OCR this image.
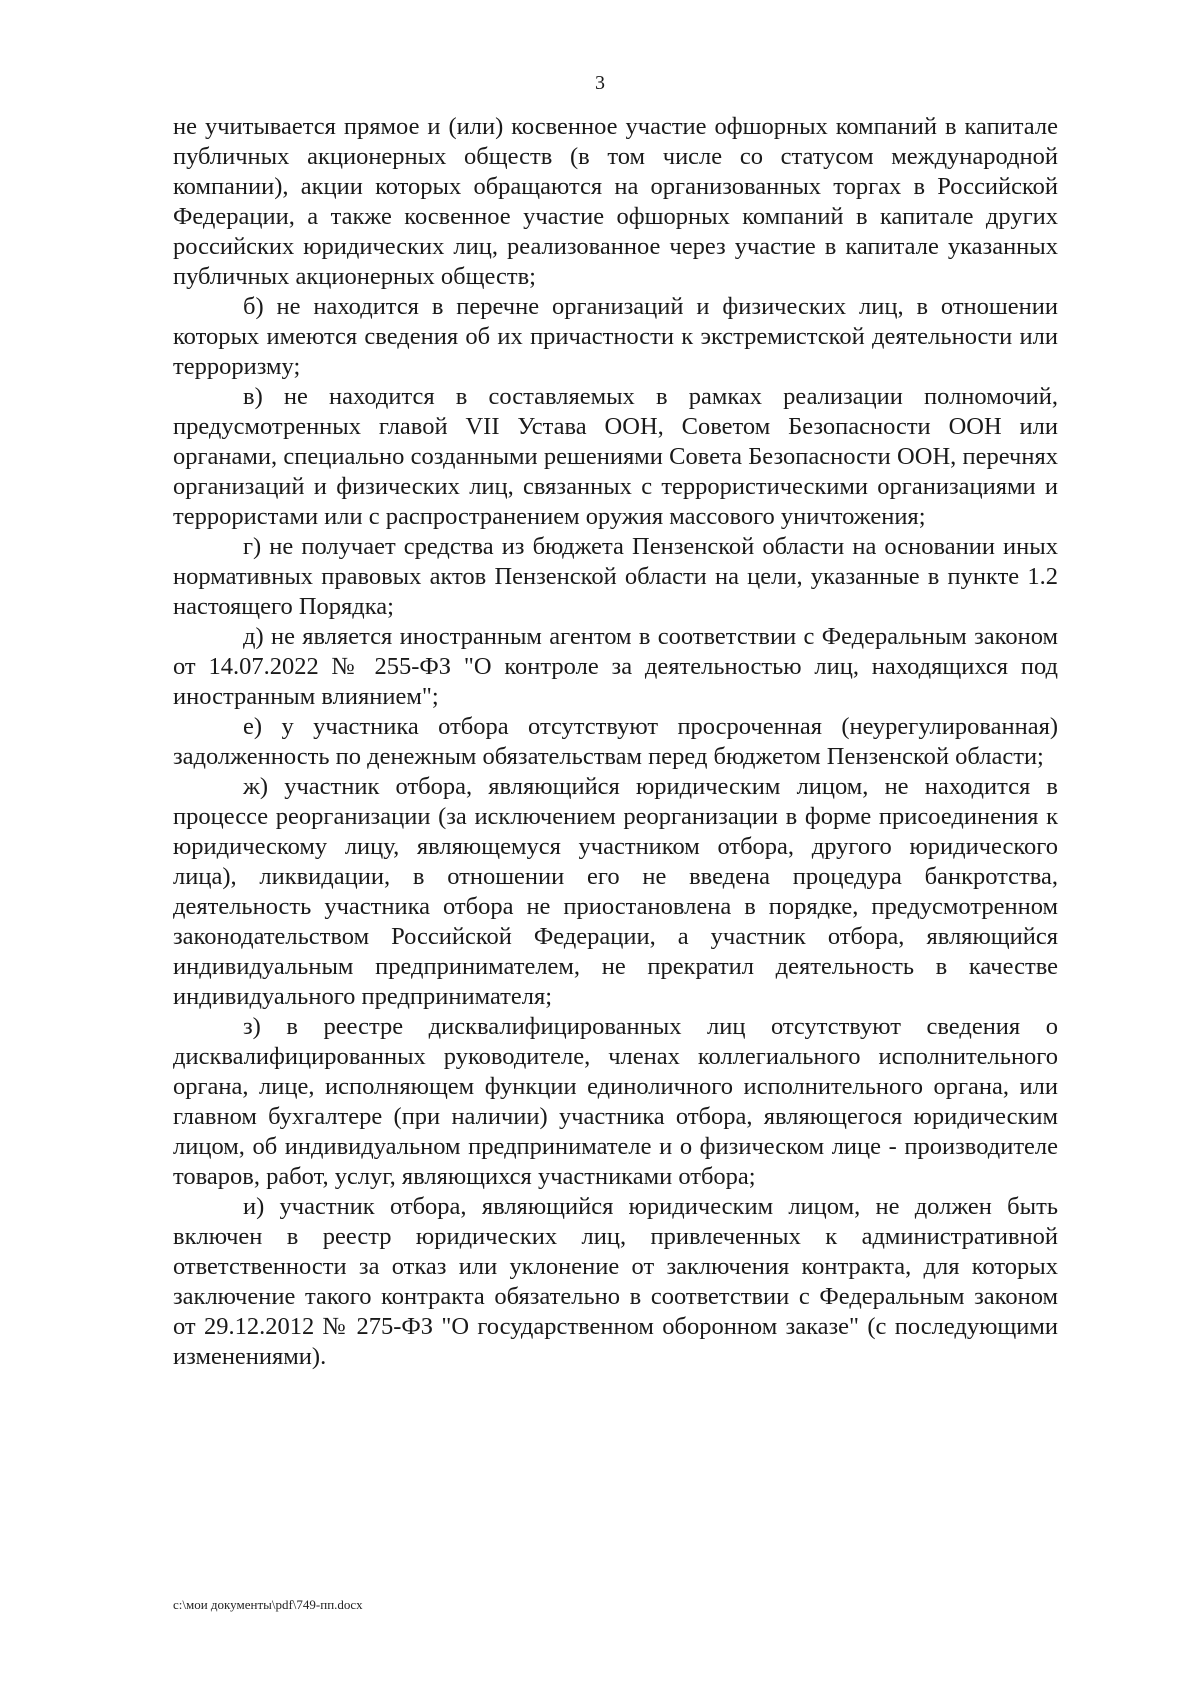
3

не учитывается прямое и (или) косвенное участие офшорных компаний в капитале публичных акционерных обществ (в том числе со статусом международной компании), акции которых обращаются на организованных торгах в Российской Федерации, а также косвенное участие офшорных компаний в капитале других российских юридических лиц, реализованное через участие в капитале указанных публичных акционерных обществ;

б) не находится в перечне организаций и физических лиц, в отношении которых имеются сведения об их причастности к экстремистской деятельности или терроризму;

в) не находится в составляемых в рамках реализации полномочий, предусмотренных главой VII Устава ООН, Советом Безопасности ООН или органами, специально созданными решениями Совета Безопасности ООН, перечнях организаций и физических лиц, связанных с террористическими организациями и террористами или с распространением оружия массового уничтожения;

г) не получает средства из бюджета Пензенской области на основании иных нормативных правовых актов Пензенской области на цели, указанные в пункте 1.2 настоящего Порядка;

д) не является иностранным агентом в соответствии с Федеральным законом от 14.07.2022 № 255-ФЗ "О контроле за деятельностью лиц, находящихся под иностранным влиянием";

е) у участника отбора отсутствуют просроченная (неурегулированная) задолженность по денежным обязательствам перед бюджетом Пензенской области;

ж) участник отбора, являющийся юридическим лицом, не находится в процессе реорганизации (за исключением реорганизации в форме присоединения к юридическому лицу, являющемуся участником отбора, другого юридического лица), ликвидации, в отношении его не введена процедура банкротства, деятельность участника отбора не приостановлена в порядке, предусмотренном законодательством Российской Федерации, а участник отбора, являющийся индивидуальным предпринимателем, не прекратил деятельность в качестве индивидуального предпринимателя;

з) в реестре дисквалифицированных лиц отсутствуют сведения о дисквалифицированных руководителе, членах коллегиального исполнительного органа, лице, исполняющем функции единоличного исполнительного органа, или главном бухгалтере (при наличии) участника отбора, являющегося юридическим лицом, об индивидуальном предпринимателе и о физическом лице - производителе товаров, работ, услуг, являющихся участниками отбора;

и) участник отбора, являющийся юридическим лицом, не должен быть включен в реестр юридических лиц, привлеченных к административной ответственности за отказ или уклонение от заключения контракта, для которых заключение такого контракта обязательно в соответствии с Федеральным законом от 29.12.2012 № 275-ФЗ "О государственном оборонном заказе" (с последующими изменениями).

c:\мои документы\pdf\749-пп.docx
